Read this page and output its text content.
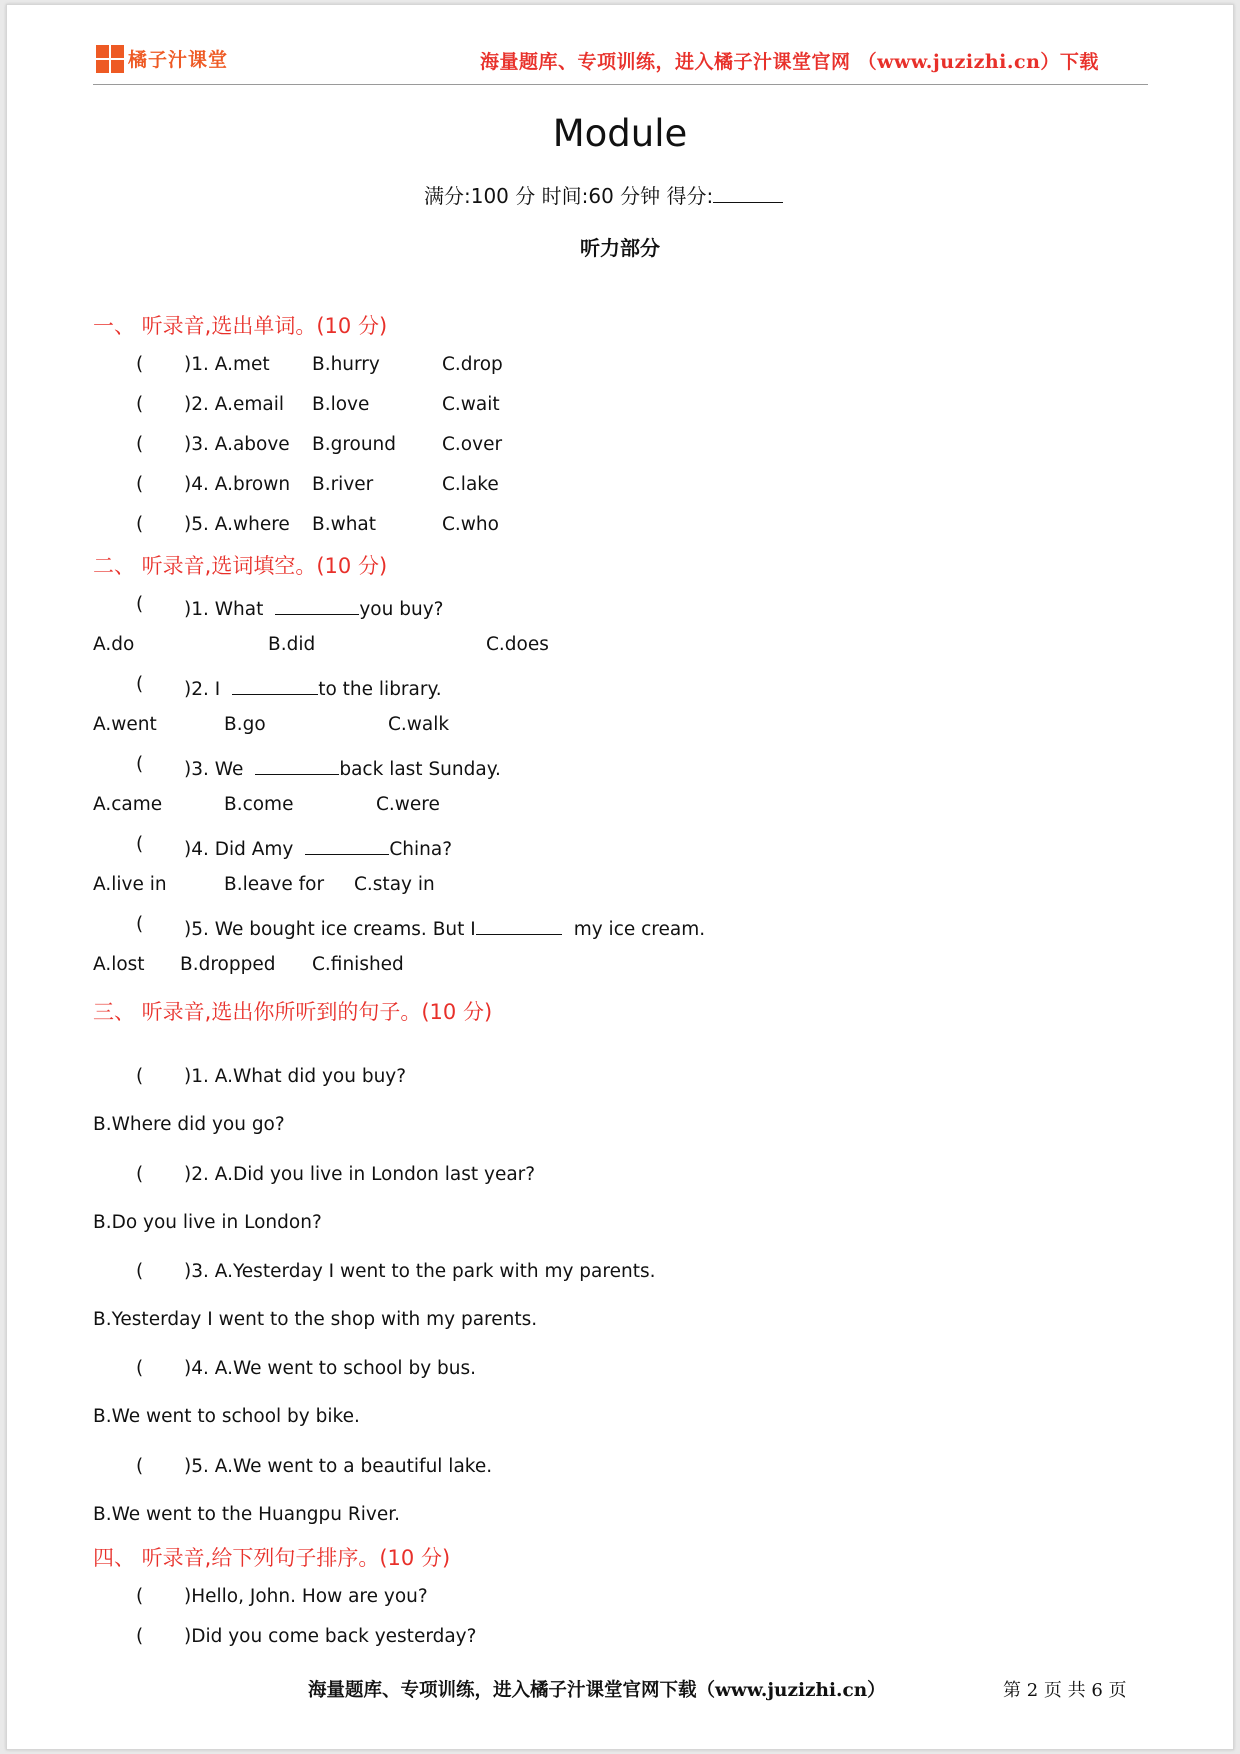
橘子汁课堂	海量题库、专项训练，进入橘子汁课堂官网 （www.juzizhi.cn）下载
Module
满分:100 分 时间:60 分钟 得分:
听力部分
一、 听录音,选出单词。(10 分)
( )1. A.met B.hurry	C.drop
( )2. A.email B.love	C.wait
( )3. A.above B.ground C.over
( )4. A.brown B.river	C.lake
( )5. A.where B.what	C.who
二、 听录音,选词填空。(10 分)
( )1. What	you buy?
A.do	B.did	C.does
( )2. I	to the library.
A.went	B.go	C.walk
( )3. We	back last Sunday.
A.came	B.come	C.were
( )4. Did Amy	China?
A.live in	B.leave for C.stay in
( )5. We bought ice creams. But I	my ice cream.
A.lost B.dropped C.finished
三、 听录音,选出你所听到的句子。(10 分)
( )1. A.What did you buy?
B.Where did you go?
( )2. A.Did you live in London last year?
B.Do you live in London?
( )3. A.Yesterday I went to the park with my parents.
B.Yesterday I went to the shop with my parents.
( )4. A.We went to school by bus.
B.We went to school by bike.
( )5. A.We went to a beautiful lake.
B.We went to the Huangpu River.
四、 听录音,给下列句子排序。(10 分)
( )Hello, John. How are you?
( )Did you come back yesterday?
海量题库、专项训练，进入橘子汁课堂官网下载（www.juzizhi.cn）	第 2 页 共 6 页
